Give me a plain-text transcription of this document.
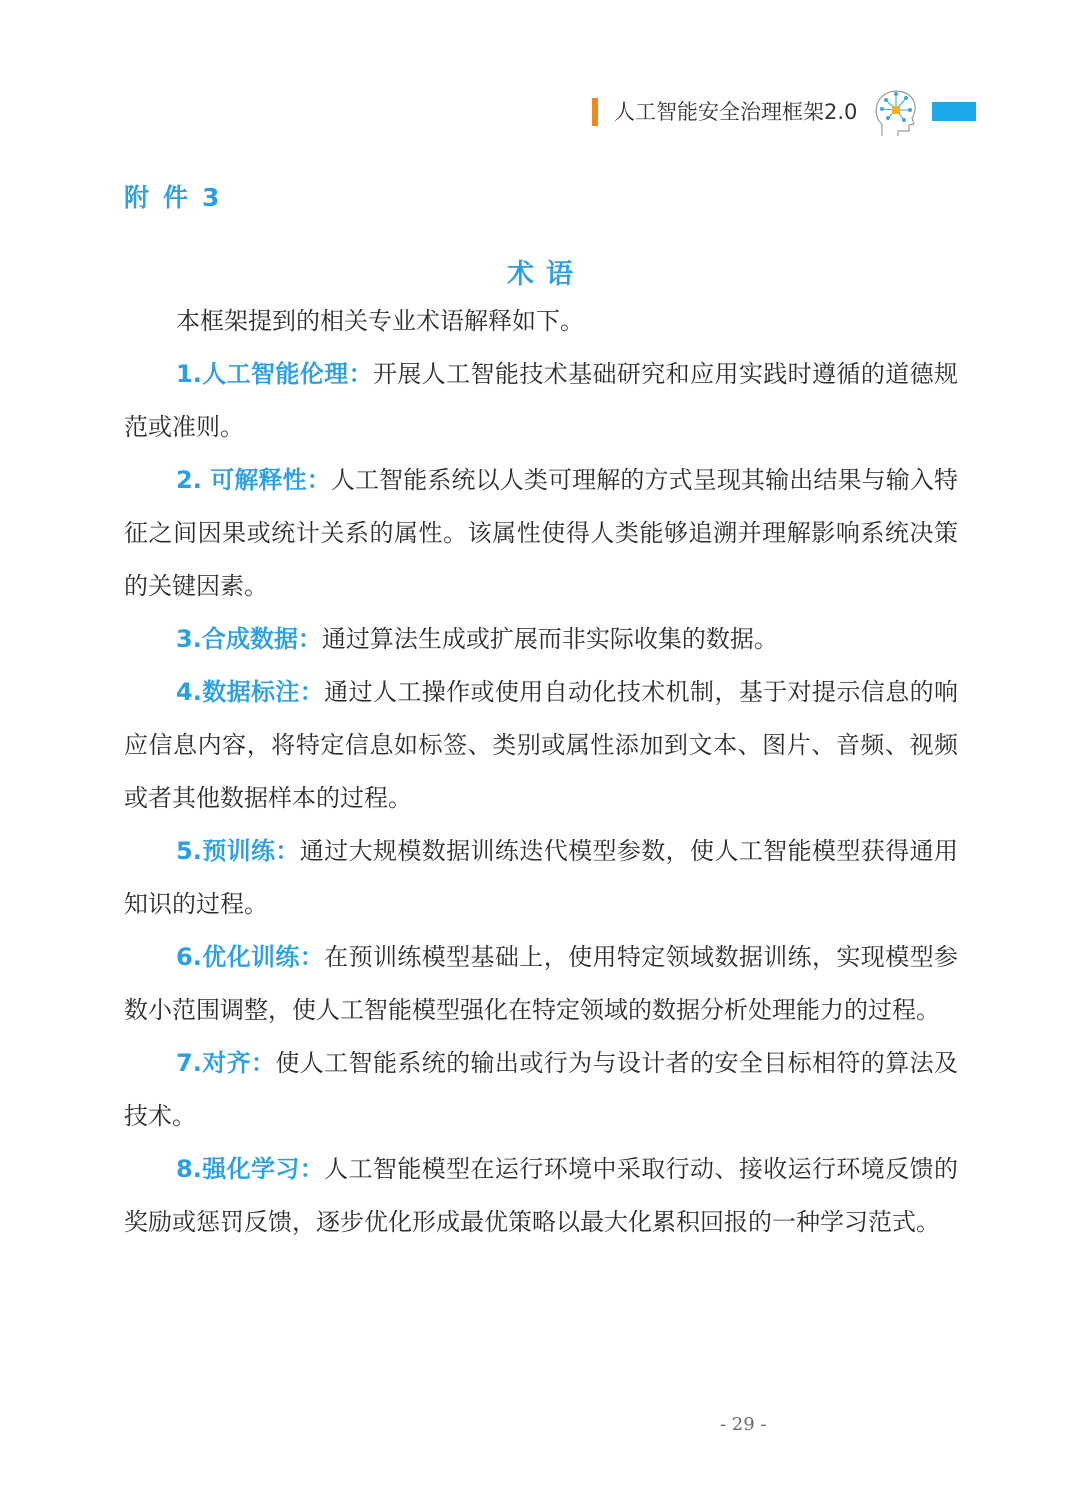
人工智能安全治理框架2.0
附件3
术语

本框架提到的相关专业术语解释如下。

1.人工智能伦理：开展人工智能技术基础研究和应用实践时遵循的道德规范或准则。

2. 可解释性：人工智能系统以人类可理解的方式呈现其输出结果与输入特征之间因果或统计关系的属性。该属性使得人类能够追溯并理解影响系统决策的关键因素。

3.合成数据：通过算法生成或扩展而非实际收集的数据。

4.数据标注：通过人工操作或使用自动化技术机制，基于对提示信息的响应信息内容，将特定信息如标签、类别或属性添加到文本、图片、音频、视频或者其他数据样本的过程。

5.预训练：通过大规模数据训练迭代模型参数，使人工智能模型获得通用知识的过程。

6.优化训练：在预训练模型基础上，使用特定领域数据训练，实现模型参数小范围调整，使人工智能模型强化在特定领域的数据分析处理能力的过程。

7.对齐：使人工智能系统的输出或行为与设计者的安全目标相符的算法及技术。

8.强化学习：人工智能模型在运行环境中采取行动、接收运行环境反馈的奖励或惩罚反馈，逐步优化形成最优策略以最大化累积回报的一种学习范式。

- 29 -
